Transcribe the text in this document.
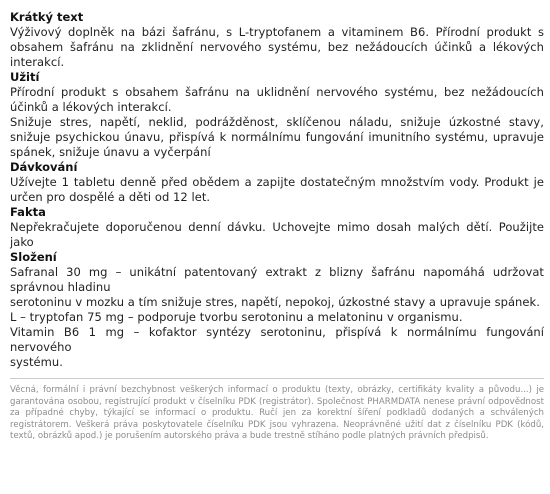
Krátký text
Výživový doplněk na bázi šafránu, s L-tryptofanem a vitaminem B6. Přírodní produkt s obsahem šafránu na zklidnění nervového systému, bez nežádoucích účinků a lékových interakcí.
Užití
Přírodní produkt s obsahem šafránu na uklidnění nervového systému, bez nežádoucích účinků a lékových interakcí.
Snižuje stres, napětí, neklid, podrážděnost, sklíčenou náladu, snižuje úzkostné stavy, snižuje psychickou únavu, přispívá k normálnímu fungování imunitního systému, upravuje spánek, snižuje únavu a vyčerpání
Dávkování
Užívejte 1 tabletu denně před obědem a zapijte dostatečným množstvím vody. Produkt je určen pro dospělé a děti od 12 let.
Fakta
Nepřekračujete doporučenou denní dávku. Uchovejte mimo dosah malých dětí. Použijte jako
Složení
Safranal 30 mg – unikátní patentovaný extrakt z blizny šafránu napomáhá udržovat správnou hladinu
serotoninu v mozku a tím snižuje stres, napětí, nepokoj, úzkostné stavy a upravuje spánek.
L – tryptofan 75 mg – podporuje tvorbu serotoninu a melatoninu v organismu.
Vitamin B6 1 mg – kofaktor syntézy serotoninu, přispívá k normálnímu fungování nervového
systému.
Věcná, formální i právní bezchybnost veškerých informací o produktu (texty, obrázky, certifikáty kvality a původu...) je garantována osobou, registrující produkt v číselníku PDK (registrátor). Společnost PHARMDATA nenese právní odpovědnost za případné chyby, týkající se informací o produktu. Ručí jen za korektní šíření podkladů dodaných a schválených registrátorem. Veškerá práva poskytovatele číselníku PDK jsou vyhrazena. Neoprávněné užití dat z číselníku PDK (kódů, textů, obrázků apod.) je porušením autorského práva a bude trestně stíháno podle platných právních předpisů.
